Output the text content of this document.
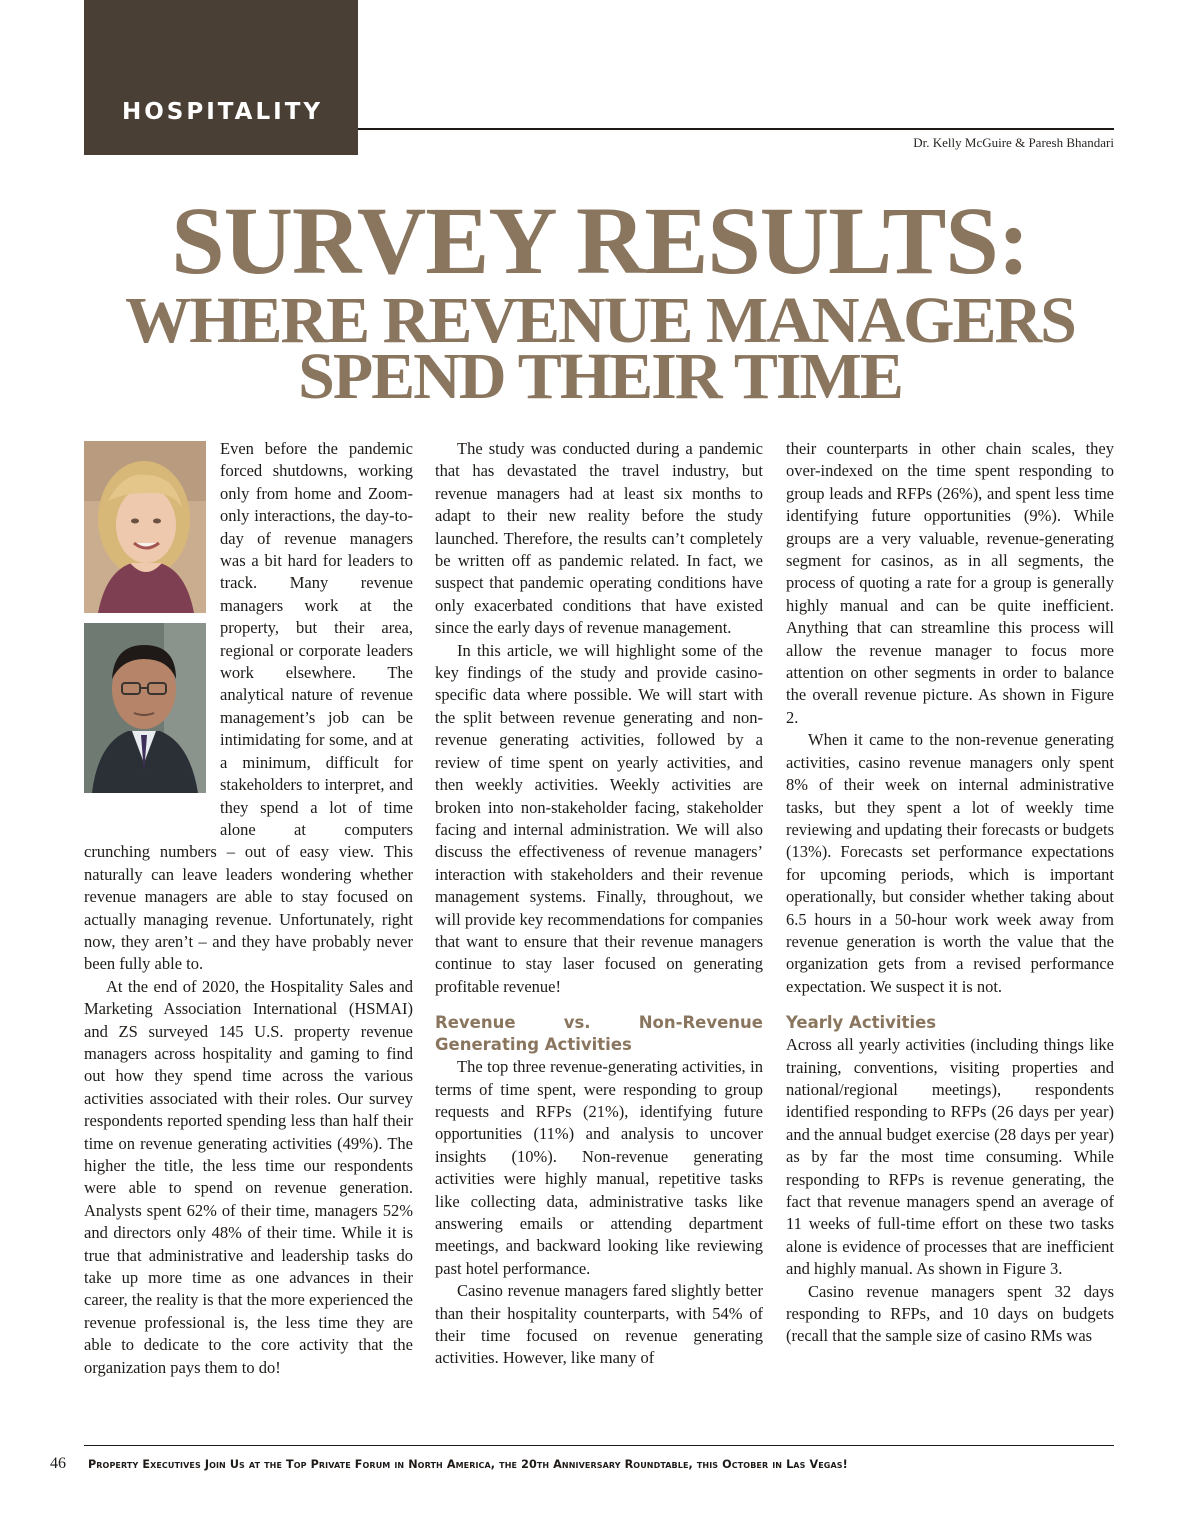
HOSPITALITY
Dr. Kelly McGuire & Paresh Bhandari
SURVEY RESULTS:
WHERE REVENUE MANAGERS
SPEND THEIR TIME

Even before the pandemic forced shutdowns, working only from home and Zoom-only interactions, the day-to-day of revenue managers was a bit hard for leaders to track. Many revenue managers work at the property, but their area, regional or corporate leaders work elsewhere. The analytical nature of revenue management’s job can be intimidating for some, and at a minimum, difficult for stakeholders to interpret, and they spend a lot of time alone at computers crunching numbers – out of easy view. This naturally can leave leaders wondering whether revenue managers are able to stay focused on actually managing revenue. Unfortunately, right now, they aren’t – and they have probably never been fully able to.

At the end of 2020, the Hospitality Sales and Marketing Association International (HSMAI) and ZS surveyed 145 U.S. property revenue managers across hospitality and gaming to find out how they spend time across the various activities associated with their roles. Our survey respondents reported spending less than half their time on revenue generating activities (49%). The higher the title, the less time our respondents were able to spend on revenue generation. Analysts spent 62% of their time, managers 52% and directors only 48% of their time. While it is true that administrative and leadership tasks do take up more time as one advances in their career, the reality is that the more experienced the revenue professional is, the less time they are able to dedicate to the core activity that the organization pays them to do!

The study was conducted during a pandemic that has devastated the travel industry, but revenue managers had at least six months to adapt to their new reality before the study launched. Therefore, the results can’t completely be written off as pandemic related. In fact, we suspect that pandemic operating conditions have only exacerbated conditions that have existed since the early days of revenue management.

In this article, we will highlight some of the key findings of the study and provide casino-specific data where possible. We will start with the split between revenue generating and non-revenue generating activities, followed by a review of time spent on yearly activities, and then weekly activities. Weekly activities are broken into non-stakeholder facing, stakeholder facing and internal administration. We will also discuss the effectiveness of revenue managers’ interaction with stakeholders and their revenue management systems. Finally, throughout, we will provide key recommendations for companies that want to ensure that their revenue managers continue to stay laser focused on generating profitable revenue!

Revenue vs. Non-Revenue Generating Activities

The top three revenue-generating activities, in terms of time spent, were responding to group requests and RFPs (21%), identifying future opportunities (11%) and analysis to uncover insights (10%). Non-revenue generating activities were highly manual, repetitive tasks like collecting data, administrative tasks like answering emails or attending department meetings, and backward looking like reviewing past hotel performance.

Casino revenue managers fared slightly better than their hospitality counterparts, with 54% of their time focused on revenue generating activities. However, like many of

their counterparts in other chain scales, they over-indexed on the time spent responding to group leads and RFPs (26%), and spent less time identifying future opportunities (9%). While groups are a very valuable, revenue-generating segment for casinos, as in all segments, the process of quoting a rate for a group is generally highly manual and can be quite inefficient. Anything that can streamline this process will allow the revenue manager to focus more attention on other segments in order to balance the overall revenue picture. As shown in Figure 2.

When it came to the non-revenue generating activities, casino revenue managers only spent 8% of their week on internal administrative tasks, but they spent a lot of weekly time reviewing and updating their forecasts or budgets (13%). Forecasts set performance expectations for upcoming periods, which is important operationally, but consider whether taking about 6.5 hours in a 50-hour work week away from revenue generation is worth the value that the organization gets from a revised performance expectation. We suspect it is not.

Yearly Activities

Across all yearly activities (including things like training, conventions, visiting properties and national/regional meetings), respondents identified responding to RFPs (26 days per year) and the annual budget exercise (28 days per year) as by far the most time consuming. While responding to RFPs is revenue generating, the fact that revenue managers spend an average of 11 weeks of full-time effort on these two tasks alone is evidence of processes that are inefficient and highly manual. As shown in Figure 3.

Casino revenue managers spent 32 days responding to RFPs, and 10 days on budgets (recall that the sample size of casino RMs was

46 Property Executives Join Us at the Top Private Forum in North America, the 20th Anniversary Roundtable, this October in Las Vegas!
